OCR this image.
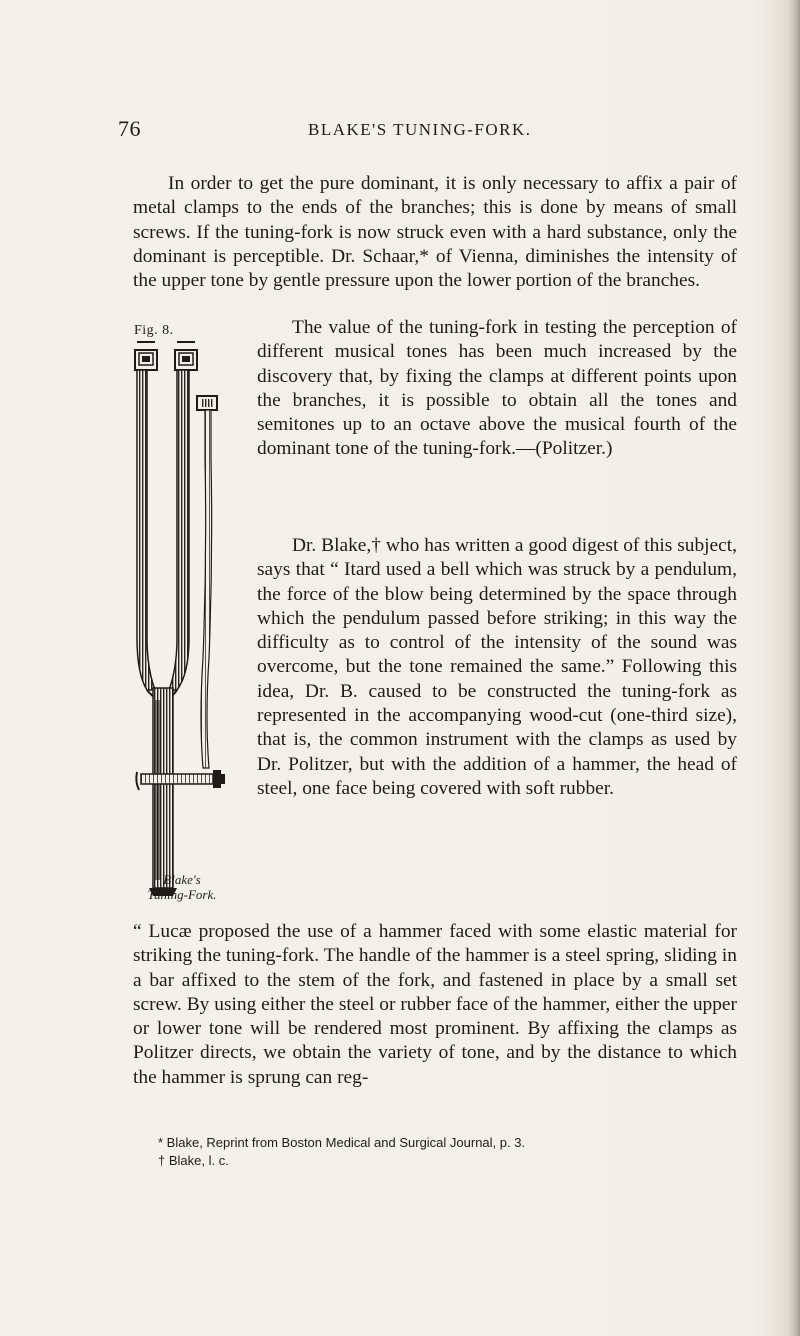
76	BLAKE'S TUNING-FORK.

In order to get the pure dominant, it is only necessary to affix a pair of metal clamps to the ends of the branches; this is done by means of small screws. If the tuning-fork is now struck even with a hard substance, only the dominant is perceptible. Dr. Schaar,* of Vienna, diminishes the intensity of the upper tone by gentle pressure upon the lower portion of the branches.

Fig. 8.	The value of the tuning-fork in testing the perception of different musical tones has been much increased by the discovery that, by fixing the clamps at different points upon the branches, it is possible to obtain all the tones and semitones up to an octave above the musical fourth of the dominant tone of the tuning-fork.—(Politzer.)

Dr. Blake,† who has written a good digest of this subject, says that “ Itard used a bell which was struck by a pendulum, the force of the blow being determined by the space through which the pendulum passed before striking; in this way the difficulty as to control of the intensity of the sound was overcome, but the tone remained the same.” Following this idea, Dr. B. caused to be constructed the tuning-fork as represented in the accompanying wood-cut (one-third size), that is, the common instrument with the clamps as used by Dr. Politzer, but with the addition of a hammer, the head of steel, one face being covered with soft rubber.

Blake's
Tuning-Fork.

“ Lucæ proposed the use of a hammer faced with some elastic material for striking the tuning-fork. The handle of the hammer is a steel spring, sliding in a bar affixed to the stem of the fork, and fastened in place by a small set screw. By using either the steel or rubber face of the hammer, either the upper or lower tone will be rendered most prominent. By affixing the clamps as Politzer directs, we obtain the variety of tone, and by the distance to which the hammer is sprung can reg-

* Blake, Reprint from Boston Medical and Surgical Journal, p. 3.
† Blake, l. c.
